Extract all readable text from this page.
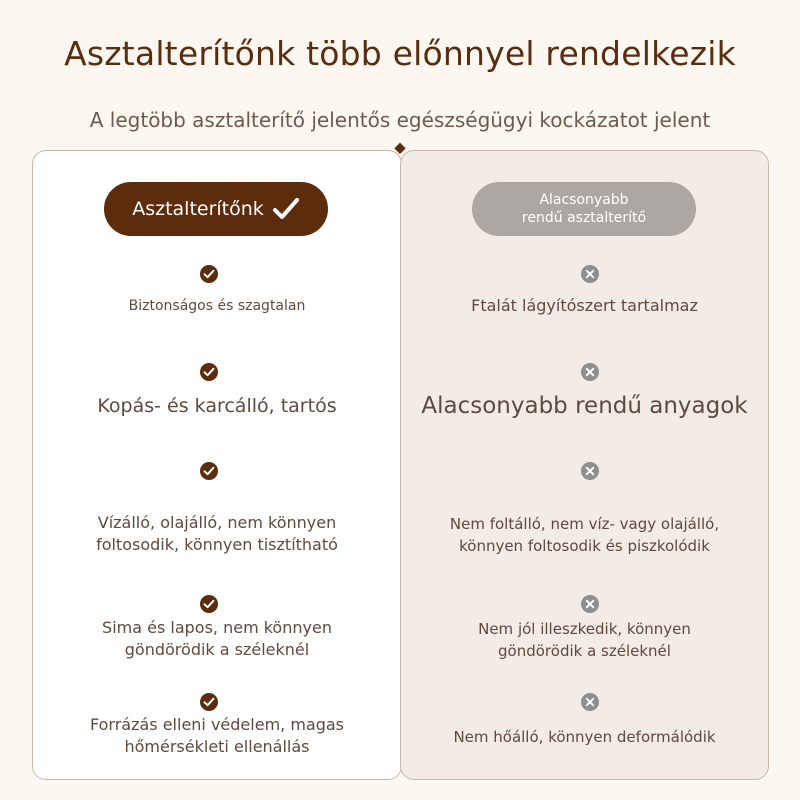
Asztalterítőnk több előnnyel rendelkezik
A legtöbb asztalterítő jelentős egészségügyi kockázatot jelent
Asztalterítőnk	Alacsonyabb
rendű asztalterítő
Biztonságos és szagtalan
Kopás- és karcálló, tartós
Vízálló, olajálló, nem könnyen
foltosodik, könnyen tisztítható
Sima és lapos, nem könnyen
göndörödik a széleknél
Forrázás elleni védelem, magas
hőmérsékleti ellenállás
Ftalát lágyítószert tartalmaz
Alacsonyabb rendű anyagok
Nem foltálló, nem víz- vagy olajálló,
könnyen foltosodik és piszkolódik
Nem jól illeszkedik, könnyen
göndörödik a széleknél
Nem hőálló, könnyen deformálódik
